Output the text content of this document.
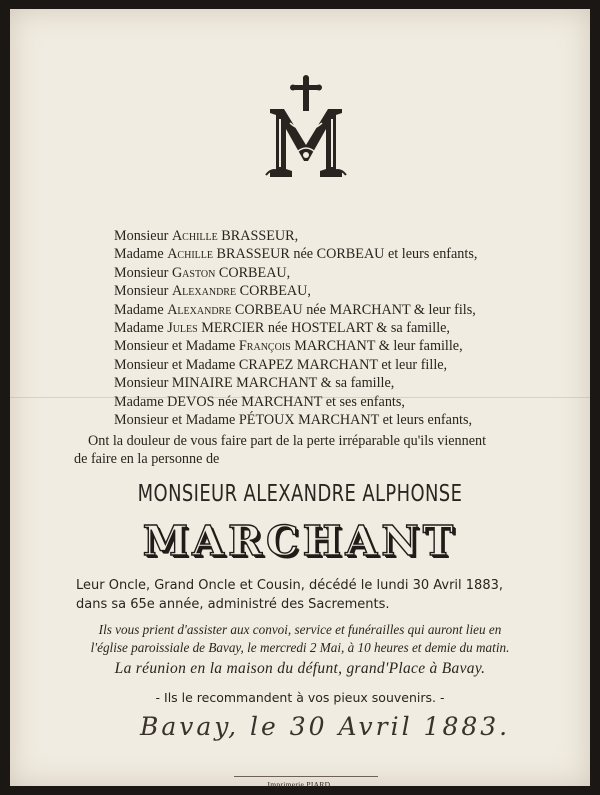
Monsieur Achille BRASSEUR,
Madame Achille BRASSEUR née CORBEAU et leurs enfants,
Monsieur Gaston CORBEAU,
Monsieur Alexandre CORBEAU,
Madame Alexandre CORBEAU née MARCHANT & leur fils,
Madame Jules MERCIER née HOSTELART & sa famille,
Monsieur et Madame François MARCHANT & leur famille,
Monsieur et Madame CRAPEZ MARCHANT et leur fille,
Monsieur MINAIRE MARCHANT & sa famille,
Madame DEVOS née MARCHANT et ses enfants,
Monsieur et Madame PÉTOUX MARCHANT et leurs enfants,
Ont la douleur de vous faire part de la perte irréparable qu'ils viennent
de faire en la personne de
MONSIEUR ALEXANDRE ALPHONSE
MARCHANT
Leur Oncle, Grand Oncle et Cousin, décédé le lundi 30 Avril 1883,
dans sa 65e année, administré des Sacrements.
Ils vous prient d'assister aux convoi, service et funérailles qui auront lieu en
l'église paroissiale de Bavay, le mercredi 2 Mai, à 10 heures et demie du matin.
La réunion en la maison du défunt, grand'Place à Bavay.
- Ils le recommandent à vos pieux souvenirs. -
Bavay, le 30 Avril 1883.
Imprimerie PIARD.
